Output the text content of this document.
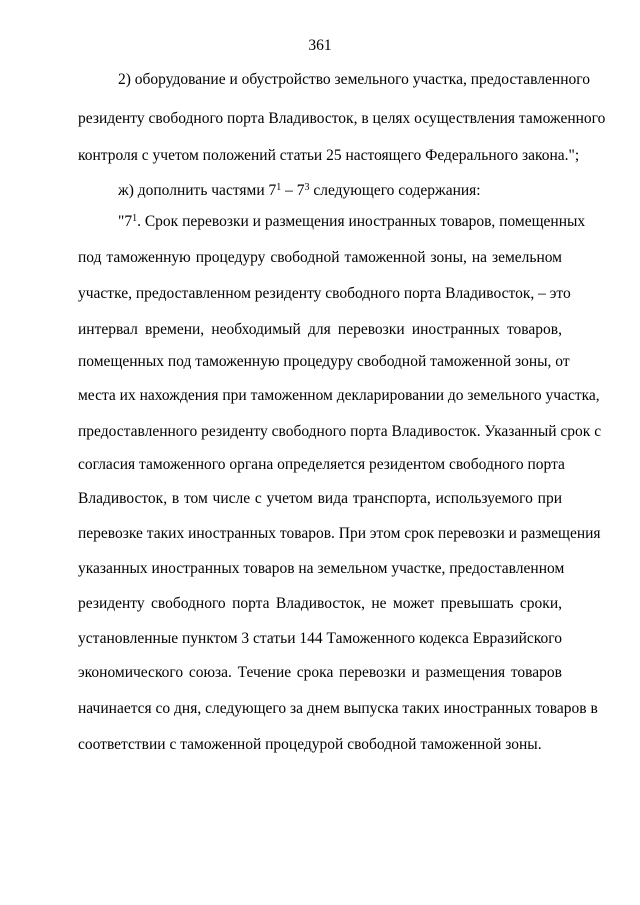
361
2) оборудование и обустройство земельного участка, предоставленного
резиденту свободного порта Владивосток, в целях осуществления таможенного
контроля с учетом положений статьи 25 настоящего Федерального закона.";
ж) дополнить частями $7^1 - 7^3$ следующего содержания:
"$7^1$. Срок перевозки и размещения иностранных товаров, помещенных
под таможенную процедуру свободной таможенной зоны, на земельном
участке, предоставленном резиденту свободного порта Владивосток, – это
интервал времени, необходимый для перевозки иностранных товаров,
помещенных под таможенную процедуру свободной таможенной зоны, от
места их нахождения при таможенном декларировании до земельного участка,
предоставленного резиденту свободного порта Владивосток. Указанный срок с
согласия таможенного органа определяется резидентом свободного порта
Владивосток, в том числе с учетом вида транспорта, используемого при
перевозке таких иностранных товаров. При этом срок перевозки и размещения
указанных иностранных товаров на земельном участке, предоставленном
резиденту свободного порта Владивосток, не может превышать сроки,
установленные пунктом 3 статьи 144 Таможенного кодекса Евразийского
экономического союза. Течение срока перевозки и размещения товаров
начинается со дня, следующего за днем выпуска таких иностранных товаров в
соответствии с таможенной процедурой свободной таможенной зоны.
